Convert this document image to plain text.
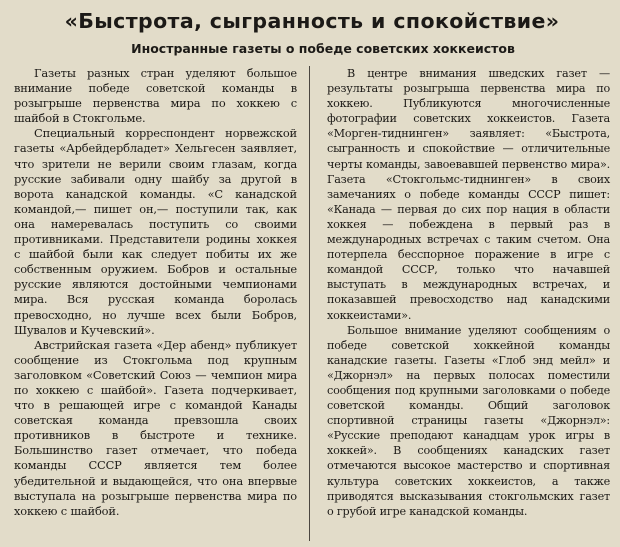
«Быстрота, сыгранность и спокойствие»
Иностранные газеты о победе советских хоккеистов

Газеты разных стран уделяют большое внимание победе советской команды в розыгрыше первенства мира по хоккею с шайбой в Стокгольме.

Специальный корреспондент норвежской газеты «Арбейдербладет» Хельгесен заявляет, что зрители не верили своим глазам, когда русские забивали одну шайбу за другой в ворота канадской команды. «С канадской командой,— пишет он,— поступили так, как она намеревалась поступить со своими противниками. Представители родины хоккея с шайбой были как следует побиты их же собственным оружием. Бобров и остальные русские являются достойными чемпионами мира. Вся русская команда боролась превосходно, но лучше всех были Бобров, Шувалов и Кучевский».

Австрийская газета «Дер абенд» публикует сообщение из Стокгольма под крупным заголовком «Советский Союз — чемпион мира по хоккею с шайбой». Газета подчеркивает, что в решающей игре с командой Канады советская команда превзошла своих противников в быстроте и технике. Большинство газет отмечает, что победа команды СССР является тем более убедительной и выдающейся, что она впервые выступала на розыгрыше первенства мира по хоккею с шайбой.

В центре внимания шведских газет — результаты розыгрыша первенства мира по хоккею. Публикуются многочисленные фотографии советских хоккеистов. Газета «Морген-тиднинген» заявляет: «Быстрота, сыгранность и спокойствие — отличительные черты команды, завоевавшей первенство мира». Газета «Стокгольмс-тиднинген» в своих замечаниях о победе команды СССР пишет: «Канада — первая до сих пор нация в области хоккея — побеждена в первый раз в международных встречах с таким счетом. Она потерпела бесспорное поражение в игре с командой СССР, только что начавшей выступать в международных встречах, и показавшей превосходство над канадскими хоккеистами».

Большое внимание уделяют сообщениям о победе советской хоккейной команды канадские газеты. Газеты «Глоб энд мейл» и «Джорнэл» на первых полосах поместили сообщения под крупными заголовками о победе советской команды. Общий заголовок спортивной страницы газеты «Джорнэл»: «Русские преподают канадцам урок игры в хоккей». В сообщениях канадских газет отмечаются высокое мастерство и спортивная культура советских хоккеистов, а также приводятся высказывания стокгольмских газет о грубой игре канадской команды.
